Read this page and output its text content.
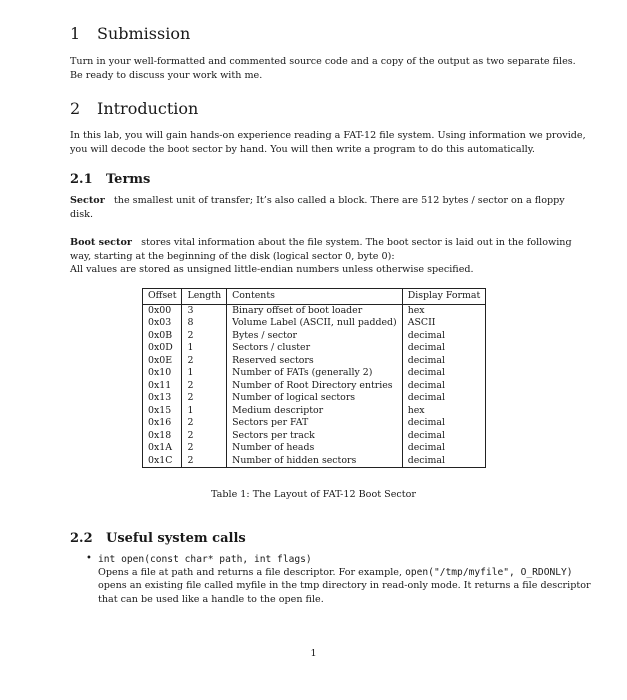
1 Submission

Turn in your well-formatted and commented source code and a copy of the output as two separate files.
Be ready to discuss your work with me.

2 Introduction

In this lab, you will gain hands-on experience reading a FAT-12 file system. Using information we provide,
you will decode the boot sector by hand. You will then write a program to do this automatically.

2.1 Terms

Sector the smallest unit of transfer; It’s also called a block. There are 512 bytes / sector on a floppy
disk.

Boot sector stores vital information about the file system. The boot sector is laid out in the following
way, starting at the beginning of the disk (logical sector 0, byte 0):
All values are stored as unsigned little-endian numbers unless otherwise specified.

Offset	Length	Contents	Display Format
0x00	3	Binary offset of boot loader	hex
0x03	8	Volume Label (ASCII, null padded)	ASCII
0x0B	2	Bytes / sector	decimal
0x0D	1	Sectors / cluster	decimal
0x0E	2	Reserved sectors	decimal
0x10	1	Number of FATs (generally 2)	decimal
0x11	2	Number of Root Directory entries	decimal
0x13	2	Number of logical sectors	decimal
0x15	1	Medium descriptor	hex
0x16	2	Sectors per FAT	decimal
0x18	2	Sectors per track	decimal
0x1A	2	Number of heads	decimal
0x1C	2	Number of hidden sectors	decimal
Table 1: The Layout of FAT-12 Boot Sector
2.2 Useful system calls
• int open(const char* path, int flags)
Opens a file at path and returns a file descriptor. For example, open("/tmp/myfile", O_RDONLY)
opens an existing file called myfile in the tmp directory in read-only mode. It returns a file descriptor
that can be used like a handle to the open file.
1
